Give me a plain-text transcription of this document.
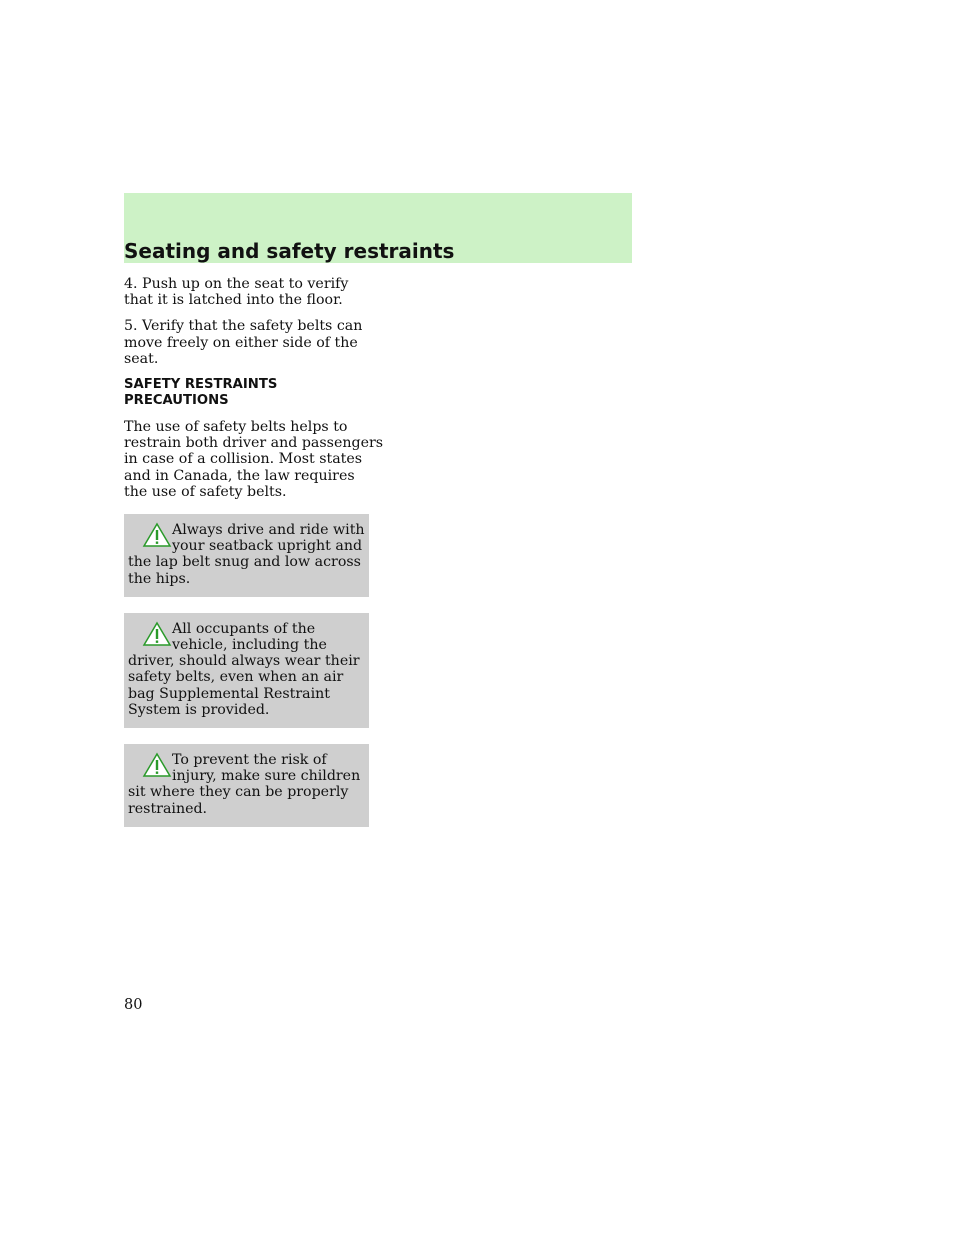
Seating and safety restraints

4. Push up on the seat to verify
that it is latched into the floor.

5. Verify that the safety belts can
move freely on either side of the
seat.

SAFETY RESTRAINTS
PRECAUTIONS

The use of safety belts helps to
restrain both driver and passengers
in case of a collision. Most states
and in Canada, the law requires
the use of safety belts.

Always drive and ride with
your seatback upright and
the lap belt snug and low across
the hips.
All occupants of the
vehicle, including the
driver, should always wear their
safety belts, even when an air
bag Supplemental Restraint
System is provided.
To prevent the risk of
injury, make sure children
sit where they can be properly
restrained.
80
